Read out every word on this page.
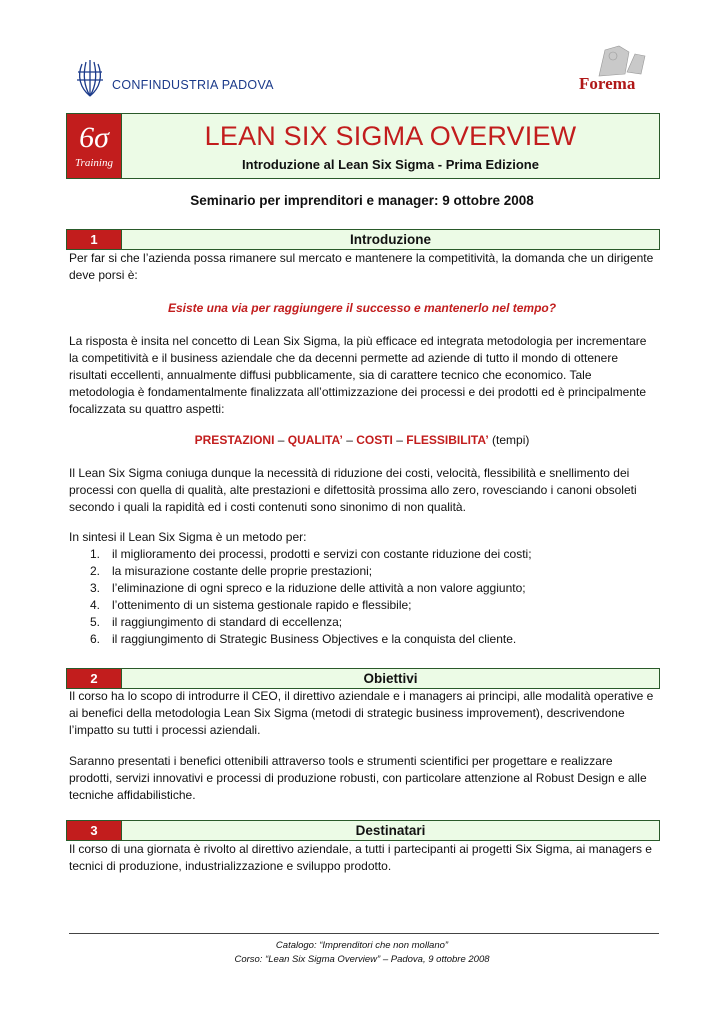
CONFINDUSTRIA PADOVA	Forema
6σ
Training
LEAN SIX SIGMA OVERVIEW
Introduzione al Lean Six Sigma - Prima Edizione
Seminario per imprenditori e manager: 9 ottobre 2008
1	Introduzione

Per far si che l’azienda possa rimanere sul mercato e mantenere la competitività, la domanda che un dirigente deve porsi è:

Esiste una via per raggiungere il successo e mantenerlo nel tempo?

La risposta è insita nel concetto di Lean Six Sigma, la più efficace ed integrata metodologia per incrementare la competitività e il business aziendale che da decenni permette ad aziende di tutto il mondo di ottenere risultati eccellenti, annualmente diffusi pubblicamente, sia di carattere tecnico che economico. Tale metodologia è fondamentalmente finalizzata all’ottimizzazione dei processi e dei prodotti ed è principalmente focalizzata su quattro aspetti:

PRESTAZIONI – QUALITA’ – COSTI – FLESSIBILITA’ (tempi)

Il Lean Six Sigma coniuga dunque la necessità di riduzione dei costi, velocità, flessibilità e snellimento dei processi con quella di qualità, alte prestazioni e difettosità prossima allo zero, rovesciando i canoni obsoleti secondo i quali la rapidità ed i costi contenuti sono sinonimo di non qualità.

In sintesi il Lean Six Sigma è un metodo per:

1. il miglioramento dei processi, prodotti e servizi con costante riduzione dei costi;
2. la misurazione costante delle proprie prestazioni;
3. l’eliminazione di ogni spreco e la riduzione delle attività a non valore aggiunto;
4. l’ottenimento di un sistema gestionale rapido e flessibile;
5. il raggiungimento di standard di eccellenza;
6. il raggiungimento di Strategic Business Objectives e la conquista del cliente.
2	Obiettivi

Il corso ha lo scopo di introdurre il CEO, il direttivo aziendale e i managers ai principi, alle modalità operative e ai benefici della metodologia Lean Six Sigma (metodi di strategic business improvement), descrivendone l’impatto su tutti i processi aziendali.

Saranno presentati i benefici ottenibili attraverso tools e strumenti scientifici per progettare e realizzare prodotti, servizi innovativi e processi di produzione robusti, con particolare attenzione al Robust Design e alle tecniche affidabilistiche.

3	Destinatari

Il corso di una giornata è rivolto al direttivo aziendale, a tutti i partecipanti ai progetti Six Sigma, ai managers e tecnici di produzione, industrializzazione e sviluppo prodotto.

Catalogo: “Imprenditori che non mollano”
Corso: “Lean Six Sigma Overview” – Padova, 9 ottobre 2008
